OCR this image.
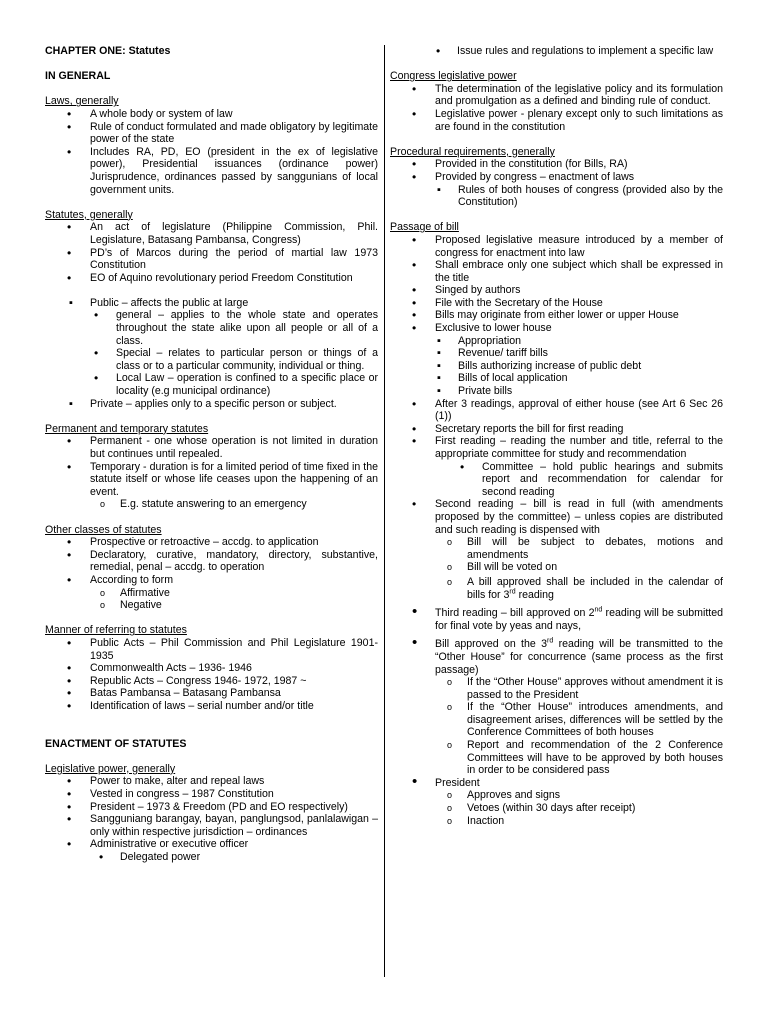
CHAPTER ONE: Statutes

IN GENERAL

Laws, generally

• A whole body or system of law
• Rule of conduct formulated and made obligatory by legitimate power of the state
• Includes RA, PD, EO (president in the ex of legislative power), Presidential issuances (ordinance power) Jurisprudence, ordinances passed by sanggunians of local government units.

Statutes, generally

• An act of legislature (Philippine Commission, Phil. Legislature, Batasang Pambansa, Congress)
• PD’s of Marcos during the period of martial law 1973 Constitution
• EO of Aquino revolutionary period Freedom Constitution
▪ Public – affects the public at large
• general – applies to the whole state and operates throughout the state alike upon all people or all of a class.
• Special – relates to particular person or things of a class or to a particular community, individual or thing.
• Local Law – operation is confined to a specific place or locality (e.g municipal ordinance)
▪ Private – applies only to a specific person or subject.

Permanent and temporary statutes

• Permanent - one whose operation is not limited in duration but continues until repealed.
• Temporary - duration is for a limited period of time fixed in the statute itself or whose life ceases upon the happening of an event.
o E.g. statute answering to an emergency

Other classes of statutes

• Prospective or retroactive – accdg. to application
• Declaratory, curative, mandatory, directory, substantive, remedial, penal – accdg. to operation
• According to form
o Affirmative
o Negative

Manner of referring to statutes

• Public Acts – Phil Commission and Phil Legislature 1901-1935
• Commonwealth Acts – 1936- 1946
• Republic Acts – Congress 1946- 1972, 1987 ~
• Batas Pambansa – Batasang Pambansa
• Identification of laws – serial number and/or title

ENACTMENT OF STATUTES

Legislative power, generally

• Power to make, alter and repeal laws
• Vested in congress – 1987 Constitution
• President – 1973 & Freedom (PD and EO respectively)
• Sangguniang barangay, bayan, panglungsod, panlalawigan – only within respective jurisdiction – ordinances
• Administrative or executive officer
• Delegated power
• Issue rules and regulations to implement a specific law

Congress legislative power

• The determination of the legislative policy and its formulation and promulgation as a defined and binding rule of conduct.
• Legislative power - plenary except only to such limitations as are found in the constitution

Procedural requirements, generally

• Provided in the constitution (for Bills, RA)
• Provided by congress – enactment of laws
▪ Rules of both houses of congress (provided also by the Constitution)

Passage of bill

• Proposed legislative measure introduced by a member of congress for enactment into law
• Shall embrace only one subject which shall be expressed in the title
• Singed by authors
• File with the Secretary of the House
• Bills may originate from either lower or upper House
• Exclusive to lower house
▪ Appropriation
▪ Revenue/ tariff bills
▪ Bills authorizing increase of public debt
▪ Bills of local application
▪ Private bills
• After 3 readings, approval of either house (see Art 6 Sec 26 (1))
• Secretary reports the bill for first reading
• First reading – reading the number and title, referral to the appropriate committee for study and recommendation
• Committee – hold public hearings and submits report and recommendation for calendar for second reading
• Second reading – bill is read in full (with amendments proposed by the committee) – unless copies are distributed and such reading is dispensed with
o Bill will be subject to debates, motions and amendments
o Bill will be voted on
o A bill approved shall be included in the calendar of bills for 3rd reading
• Third reading – bill approved on 2nd reading will be submitted for final vote by yeas and nays,
• Bill approved on the 3rd reading will be transmitted to the “Other House” for concurrence (same process as the first passage)
o If the “Other House” approves without amendment it is passed to the President
o If the “Other House” introduces amendments, and disagreement arises, differences will be settled by the Conference Committees of both houses
o Report and recommendation of the 2 Conference Committees will have to be approved by both houses in order to be considered pass
• President
o Approves and signs
o Vetoes (within 30 days after receipt)
o Inaction
